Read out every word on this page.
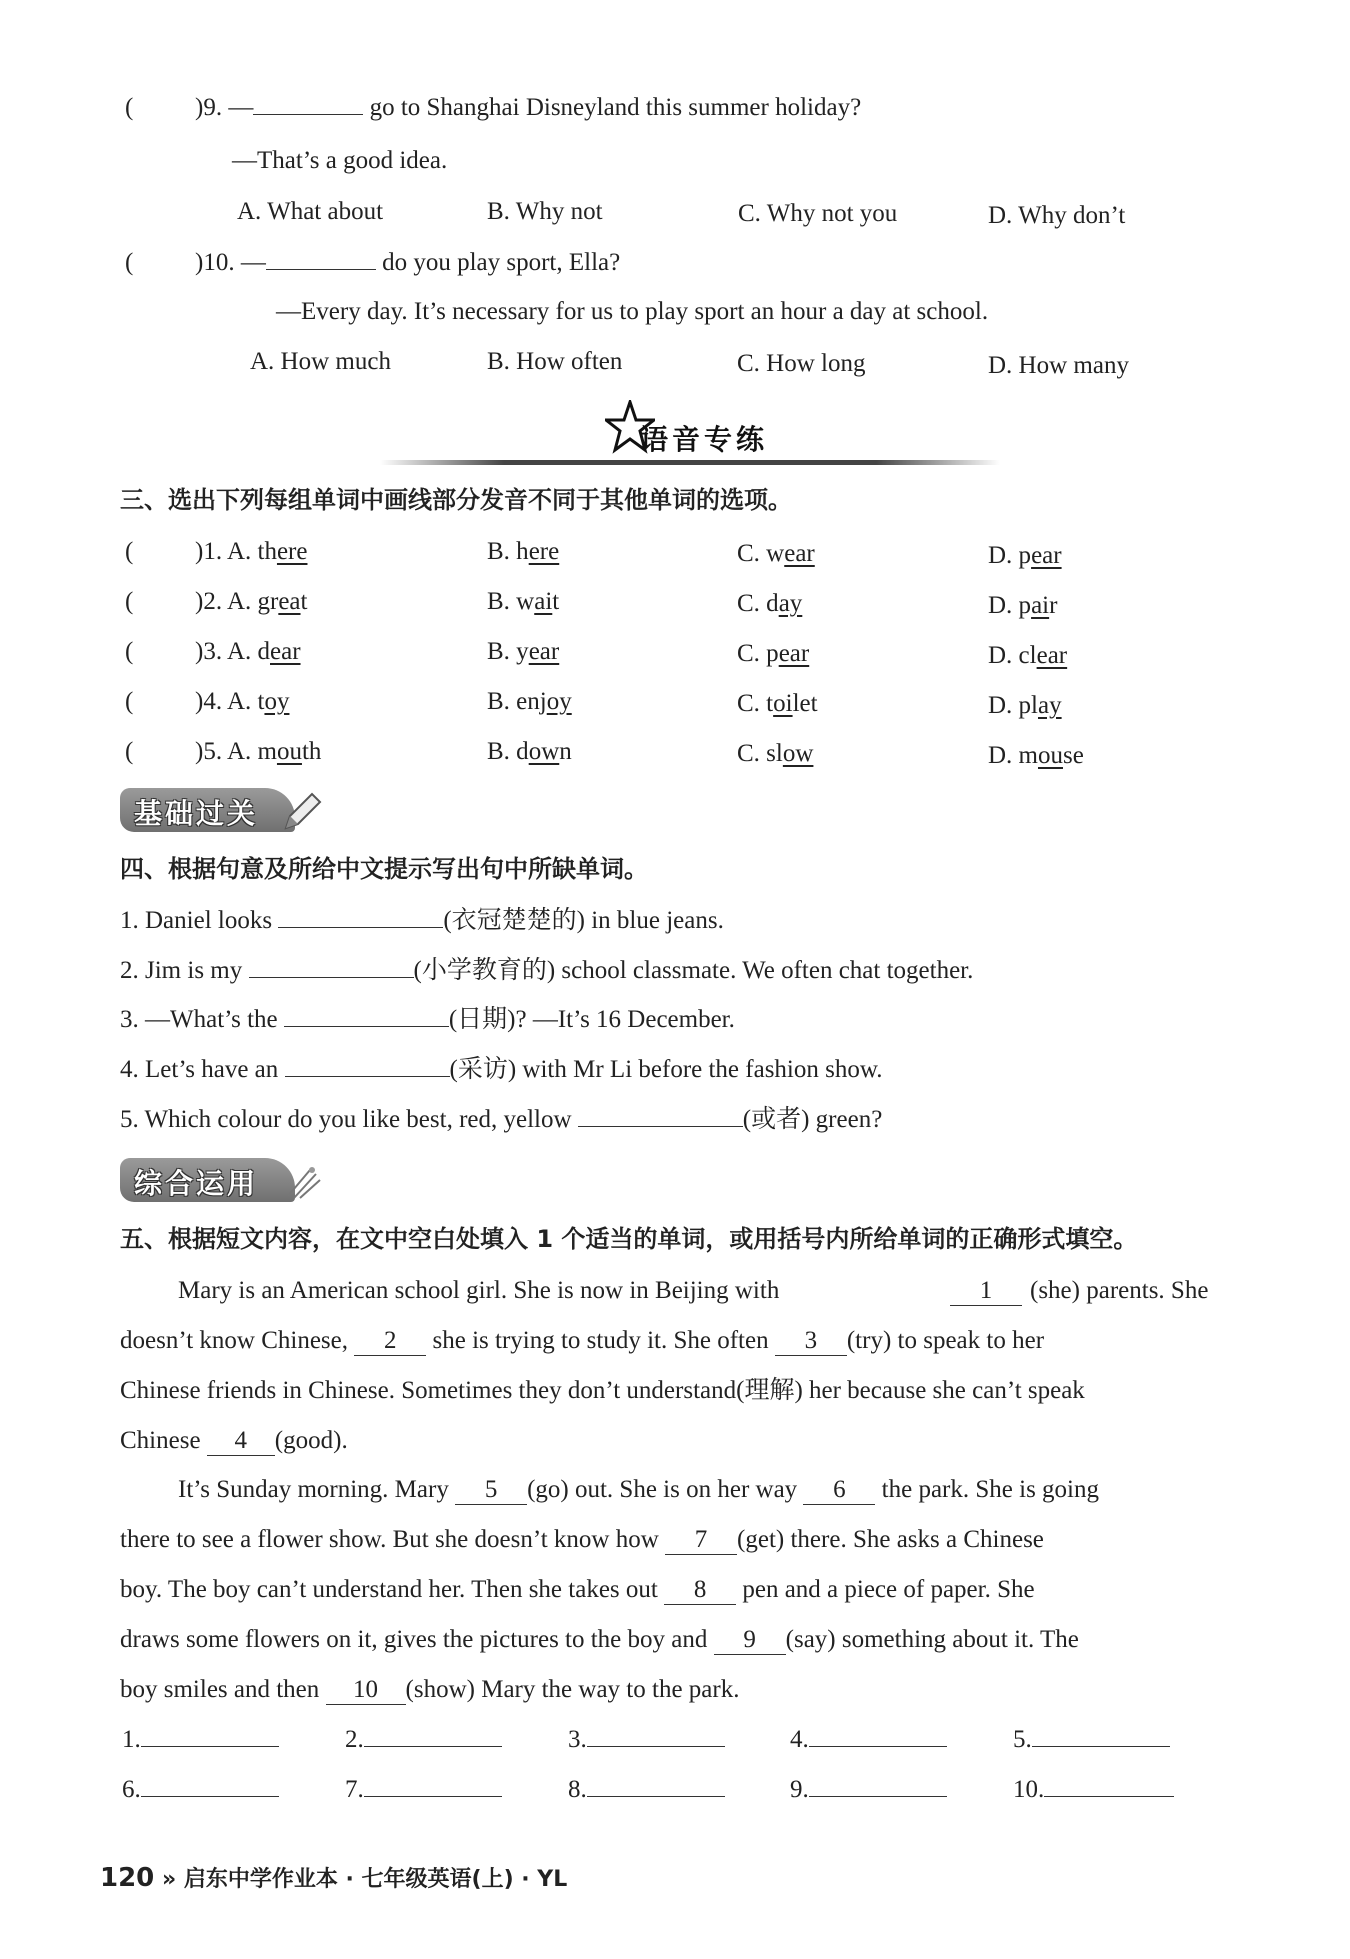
( )9. —	go to Shanghai Disneyland this summer holiday?
—That’s a good idea.
A. What about	B. Why not	C. Why not you	D. Why don’t
( )10. —	do you play sport, Ella?
—Every day. It’s necessary for us to play sport an hour a day at school.
A. How much	B. How often	C. How long	D. How many
语音专练
三、选出下列每组单词中画线部分发音不同于其他单词的选项。
( )1. A. there	B. here	C. wear	D. pear
( )2. A. great	B. wait	C. day	D. pair
( )3. A. dear	B. year	C. pear	D. clear
( )4. A. toy	B. enjoy	C. toilet	D. play
( )5. A. mouth	B. down	C. slow	D. mouse
基础过关
四、根据句意及所给中文提示写出句中所缺单词。
1. Daniel looks	(衣冠楚楚的) in blue jeans.
2. Jim is my	(小学教育的) school classmate. We often chat together.
3. —What’s the	(日期)? —It’s 16 December.
4. Let’s have an	(采访) with Mr Li before the fashion show.
5. Which colour do you like best, red, yellow	(或者) green?
综合运用
五、根据短文内容，在文中空白处填入 1 个适当的单词，或用括号内所给单词的正确形式填空。
Mary is an American school girl. She is now in Beijing with	1	(she) parents. She
doesn’t know Chinese, 2 she is trying to study it. She often 3 (try) to speak to her
Chinese friends in Chinese. Sometimes they don’t understand(理解) her because she can’t speak
Chinese 4 (good).
It’s Sunday morning. Mary 5 (go) out. She is on her way 6 the park. She is going
there to see a flower show. But she doesn’t know how 7 (get) there. She asks a Chinese
boy. The boy can’t understand her. Then she takes out 8 pen and a piece of paper. She
draws some flowers on it, gives the pictures to the boy and 9 (say) something about it. The
boy smiles and then 10 (show) Mary the way to the park.
1.	2.	3.	4.	5.
6.	7.	8.	9.	10.
120 » 启东中学作业本 · 七年级英语(上) · YL
